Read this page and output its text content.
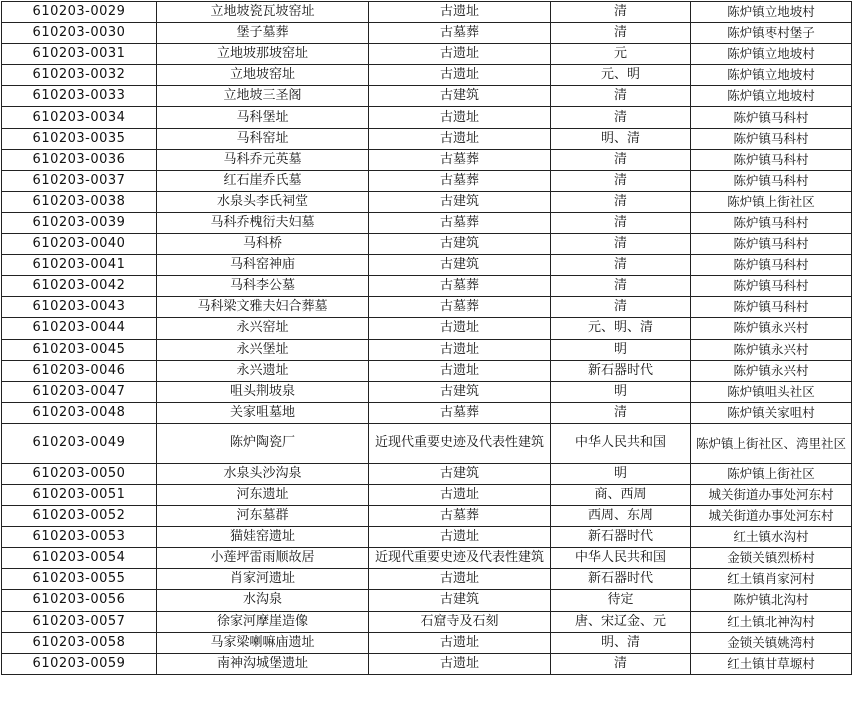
610203-0029	立地坡瓷瓦坡窑址	古遗址	清	陈炉镇立地坡村
610203-0030	堡子墓葬	古墓葬	清	陈炉镇枣村堡子
610203-0031	立地坡那坡窑址	古遗址	元	陈炉镇立地坡村
610203-0032	立地坡窑址	古遗址	元、明	陈炉镇立地坡村
610203-0033	立地坡三圣阁	古建筑	清	陈炉镇立地坡村
610203-0034	马科堡址	古遗址	清	陈炉镇马科村
610203-0035	马科窑址	古遗址	明、清	陈炉镇马科村
610203-0036	马科乔元英墓	古墓葬	清	陈炉镇马科村
610203-0037	红石崖乔氏墓	古墓葬	清	陈炉镇马科村
610203-0038	水泉头李氏祠堂	古建筑	清	陈炉镇上街社区
610203-0039	马科乔槐衍夫妇墓	古墓葬	清	陈炉镇马科村
610203-0040	马科桥	古建筑	清	陈炉镇马科村
610203-0041	马科窑神庙	古建筑	清	陈炉镇马科村
610203-0042	马科李公墓	古墓葬	清	陈炉镇马科村
610203-0043	马科梁文雅夫妇合葬墓	古墓葬	清	陈炉镇马科村
610203-0044	永兴窑址	古遗址	元、明、清	陈炉镇永兴村
610203-0045	永兴堡址	古遗址	明	陈炉镇永兴村
610203-0046	永兴遗址	古遗址	新石器时代	陈炉镇永兴村
610203-0047	咀头荆坡泉	古建筑	明	陈炉镇咀头社区
610203-0048	关家咀墓地	古墓葬	清	陈炉镇关家咀村
610203-0049	陈炉陶瓷厂	近现代重要史迹及代表性建筑	中华人民共和国	陈炉镇上街社区、湾里社区
610203-0050	水泉头沙沟泉	古建筑	明	陈炉镇上街社区
610203-0051	河东遗址	古遗址	商、西周	城关街道办事处河东村
610203-0052	河东墓群	古墓葬	西周、东周	城关街道办事处河东村
610203-0053	猫娃窑遗址	古遗址	新石器时代	红土镇水沟村
610203-0054	小莲坪雷雨顺故居	近现代重要史迹及代表性建筑	中华人民共和国	金锁关镇烈桥村
610203-0055	肖家河遗址	古遗址	新石器时代	红土镇肖家河村
610203-0056	水沟泉	古建筑	待定	陈炉镇北沟村
610203-0057	徐家河摩崖造像	石窟寺及石刻	唐、宋辽金、元	红土镇北神沟村
610203-0058	马家梁喇嘛庙遗址	古遗址	明、清	金锁关镇姚湾村
610203-0059	南神沟城堡遗址	古遗址	清	红土镇甘草塬村
